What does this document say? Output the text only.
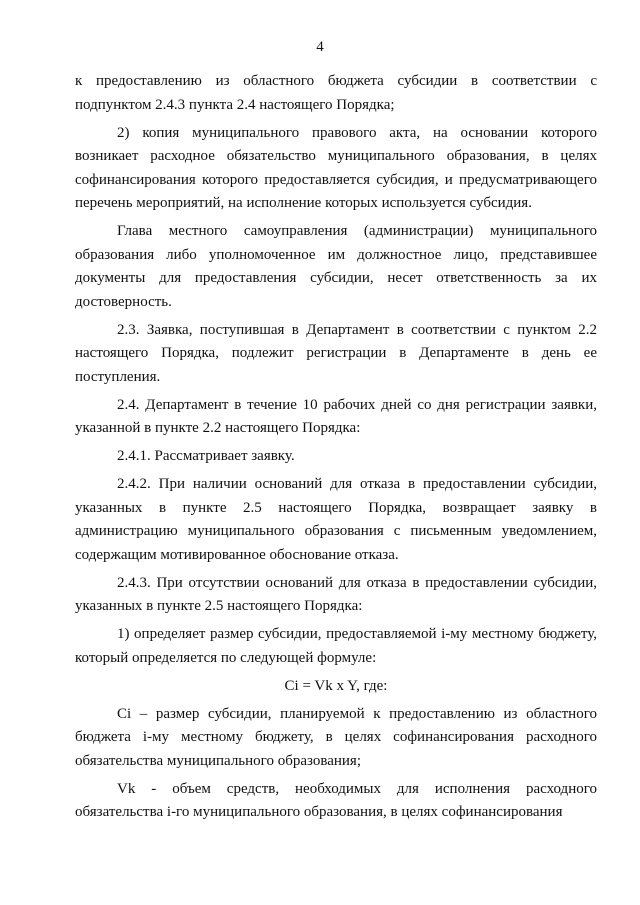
4

к предоставлению из областного бюджета субсидии в соответствии с подпунктом 2.4.3 пункта 2.4 настоящего Порядка;

2) копия муниципального правового акта, на основании которого возникает расходное обязательство муниципального образования, в целях софинансирования которого предоставляется субсидия, и предусматривающего перечень мероприятий, на исполнение которых используется субсидия.

Глава местного самоуправления (администрации) муниципального образования либо уполномоченное им должностное лицо, представившее документы для предоставления субсидии, несет ответственность за их достоверность.

2.3. Заявка, поступившая в Департамент в соответствии с пунктом 2.2 настоящего Порядка, подлежит регистрации в Департаменте в день ее поступления.

2.4. Департамент в течение 10 рабочих дней со дня регистрации заявки, указанной в пункте 2.2 настоящего Порядка:

2.4.1. Рассматривает заявку.

2.4.2. При наличии оснований для отказа в предоставлении субсидии, указанных в пункте 2.5 настоящего Порядка, возвращает заявку в администрацию муниципального образования с письменным уведомлением, содержащим мотивированное обоснование отказа.

2.4.3. При отсутствии оснований для отказа в предоставлении субсидии, указанных в пункте 2.5 настоящего Порядка:

1) определяет размер субсидии, предоставляемой i-му местному бюджету, который определяется по следующей формуле:

Ci = Vk x Y, где:

Ci – размер субсидии, планируемой к предоставлению из областного бюджета i-му местному бюджету, в целях софинансирования расходного обязательства муниципального образования;

Vk - объем средств, необходимых для исполнения расходного обязательства i-го муниципального образования, в целях софинансирования
